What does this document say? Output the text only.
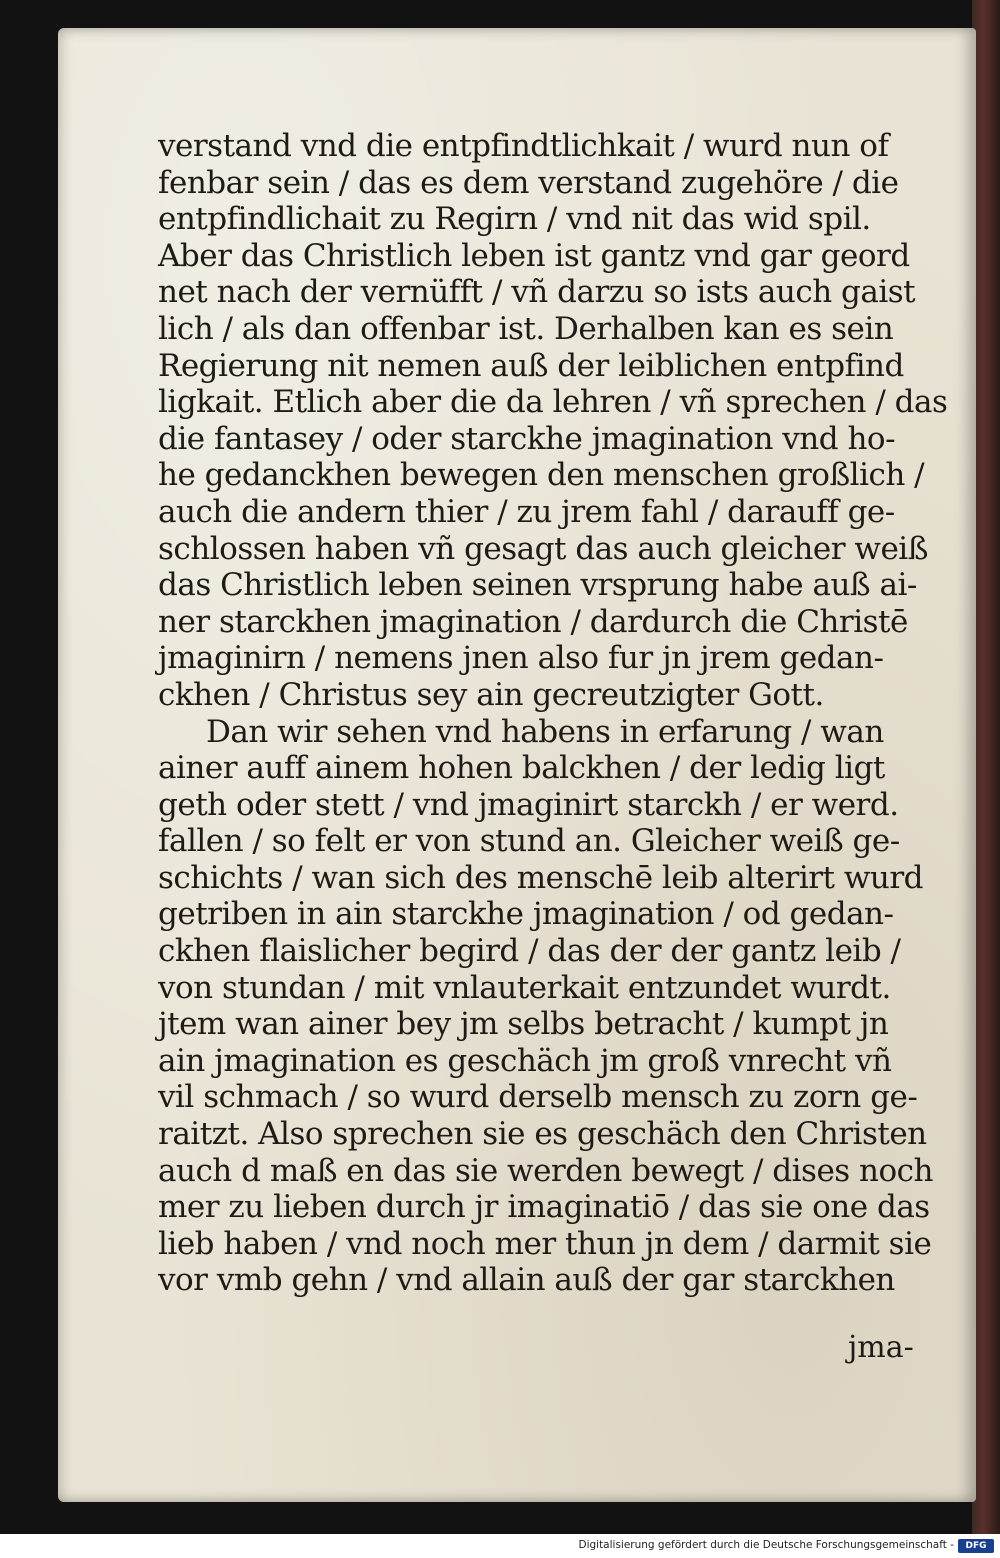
verstand vnd die entpfindtlichkait / wurd nun of
fenbar sein / das es dem verstand zugehöre / die
entpfindlichait zu Regirn / vnd nit das wid spil.
Aber das Christlich leben ist gantz vnd gar geord
net nach der vernüfft / vñ darzu so ists auch gaist
lich / als dan offenbar ist. Derhalben kan es sein
Regierung nit nemen auß der leiblichen entpfind
ligkait. Etlich aber die da lehren / vñ sprechen / das
die fantasey / oder starckhe jmagination vnd ho-
he gedanckhen bewegen den menschen großlich /
auch die andern thier / zu jrem fahl / darauff ge-
schlossen haben vñ gesagt das auch gleicher weiß
das Christlich leben seinen vrsprung habe auß ai-
ner starckhen jmagination / dardurch die Christē
jmaginirn / nemens jnen also fur jn jrem gedan-
ckhen / Christus sey ain gecreutzigter Gott.
Dan wir sehen vnd habens in erfarung / wan
ainer auff ainem hohen balckhen / der ledig ligt
geth oder stett / vnd jmaginirt starckh / er werd.
fallen / so felt er von stund an. Gleicher weiß ge-
schichts / wan sich des menschē leib alterirt wurd
getriben in ain starckhe jmagination / od gedan-
ckhen flaislicher begird / das der der gantz leib /
von stundan / mit vnlauterkait entzundet wurdt.
jtem wan ainer bey jm selbs betracht / kumpt jn
ain jmagination es geschäch jm groß vnrecht vñ
vil schmach / so wurd derselb mensch zu zorn ge-
raitzt. Also sprechen sie es geschäch den Christen
auch d maß en das sie werden bewegt / dises noch
mer zu lieben durch jr imaginatiō / das sie one das
lieb haben / vnd noch mer thun jn dem / darmit sie
vor vmb gehn / vnd allain auß der gar starckhen
jma-
Digitalisierung gefördert durch die Deutsche Forschungsgemeinschaft -	DFG
